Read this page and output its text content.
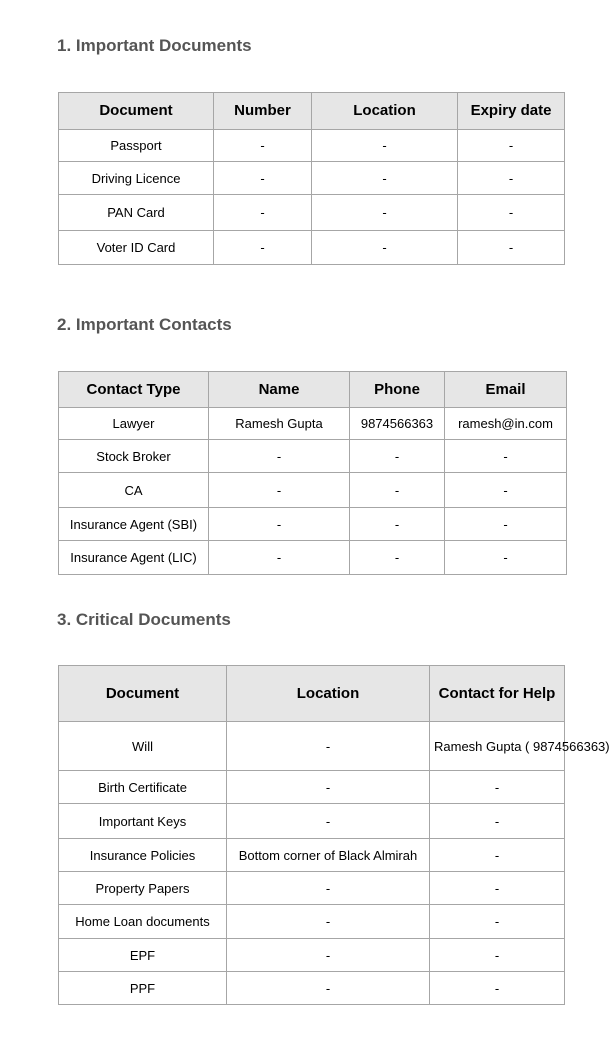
1. Important Documents
Document	Number	Location	Expiry date
Passport	-	-	-
Driving Licence	-	-	-
PAN Card	-	-	-
Voter ID Card	-	-	-
2. Important Contacts
Contact Type	Name	Phone	Email
Lawyer	Ramesh Gupta	9874566363	ramesh@in.com
Stock Broker	-	-	-
CA	-	-	-
Insurance Agent (SBI)	-	-	-
Insurance Agent (LIC)	-	-	-
3. Critical Documents
Document	Location	Contact for Help
Will	-	Ramesh Gupta ( 9874566363)
Birth Certificate	-	-
Important Keys	-	-
Insurance Policies	Bottom corner of Black Almirah	-
Property Papers	-	-
Home Loan documents	-	-
EPF	-	-
PPF	-	-
